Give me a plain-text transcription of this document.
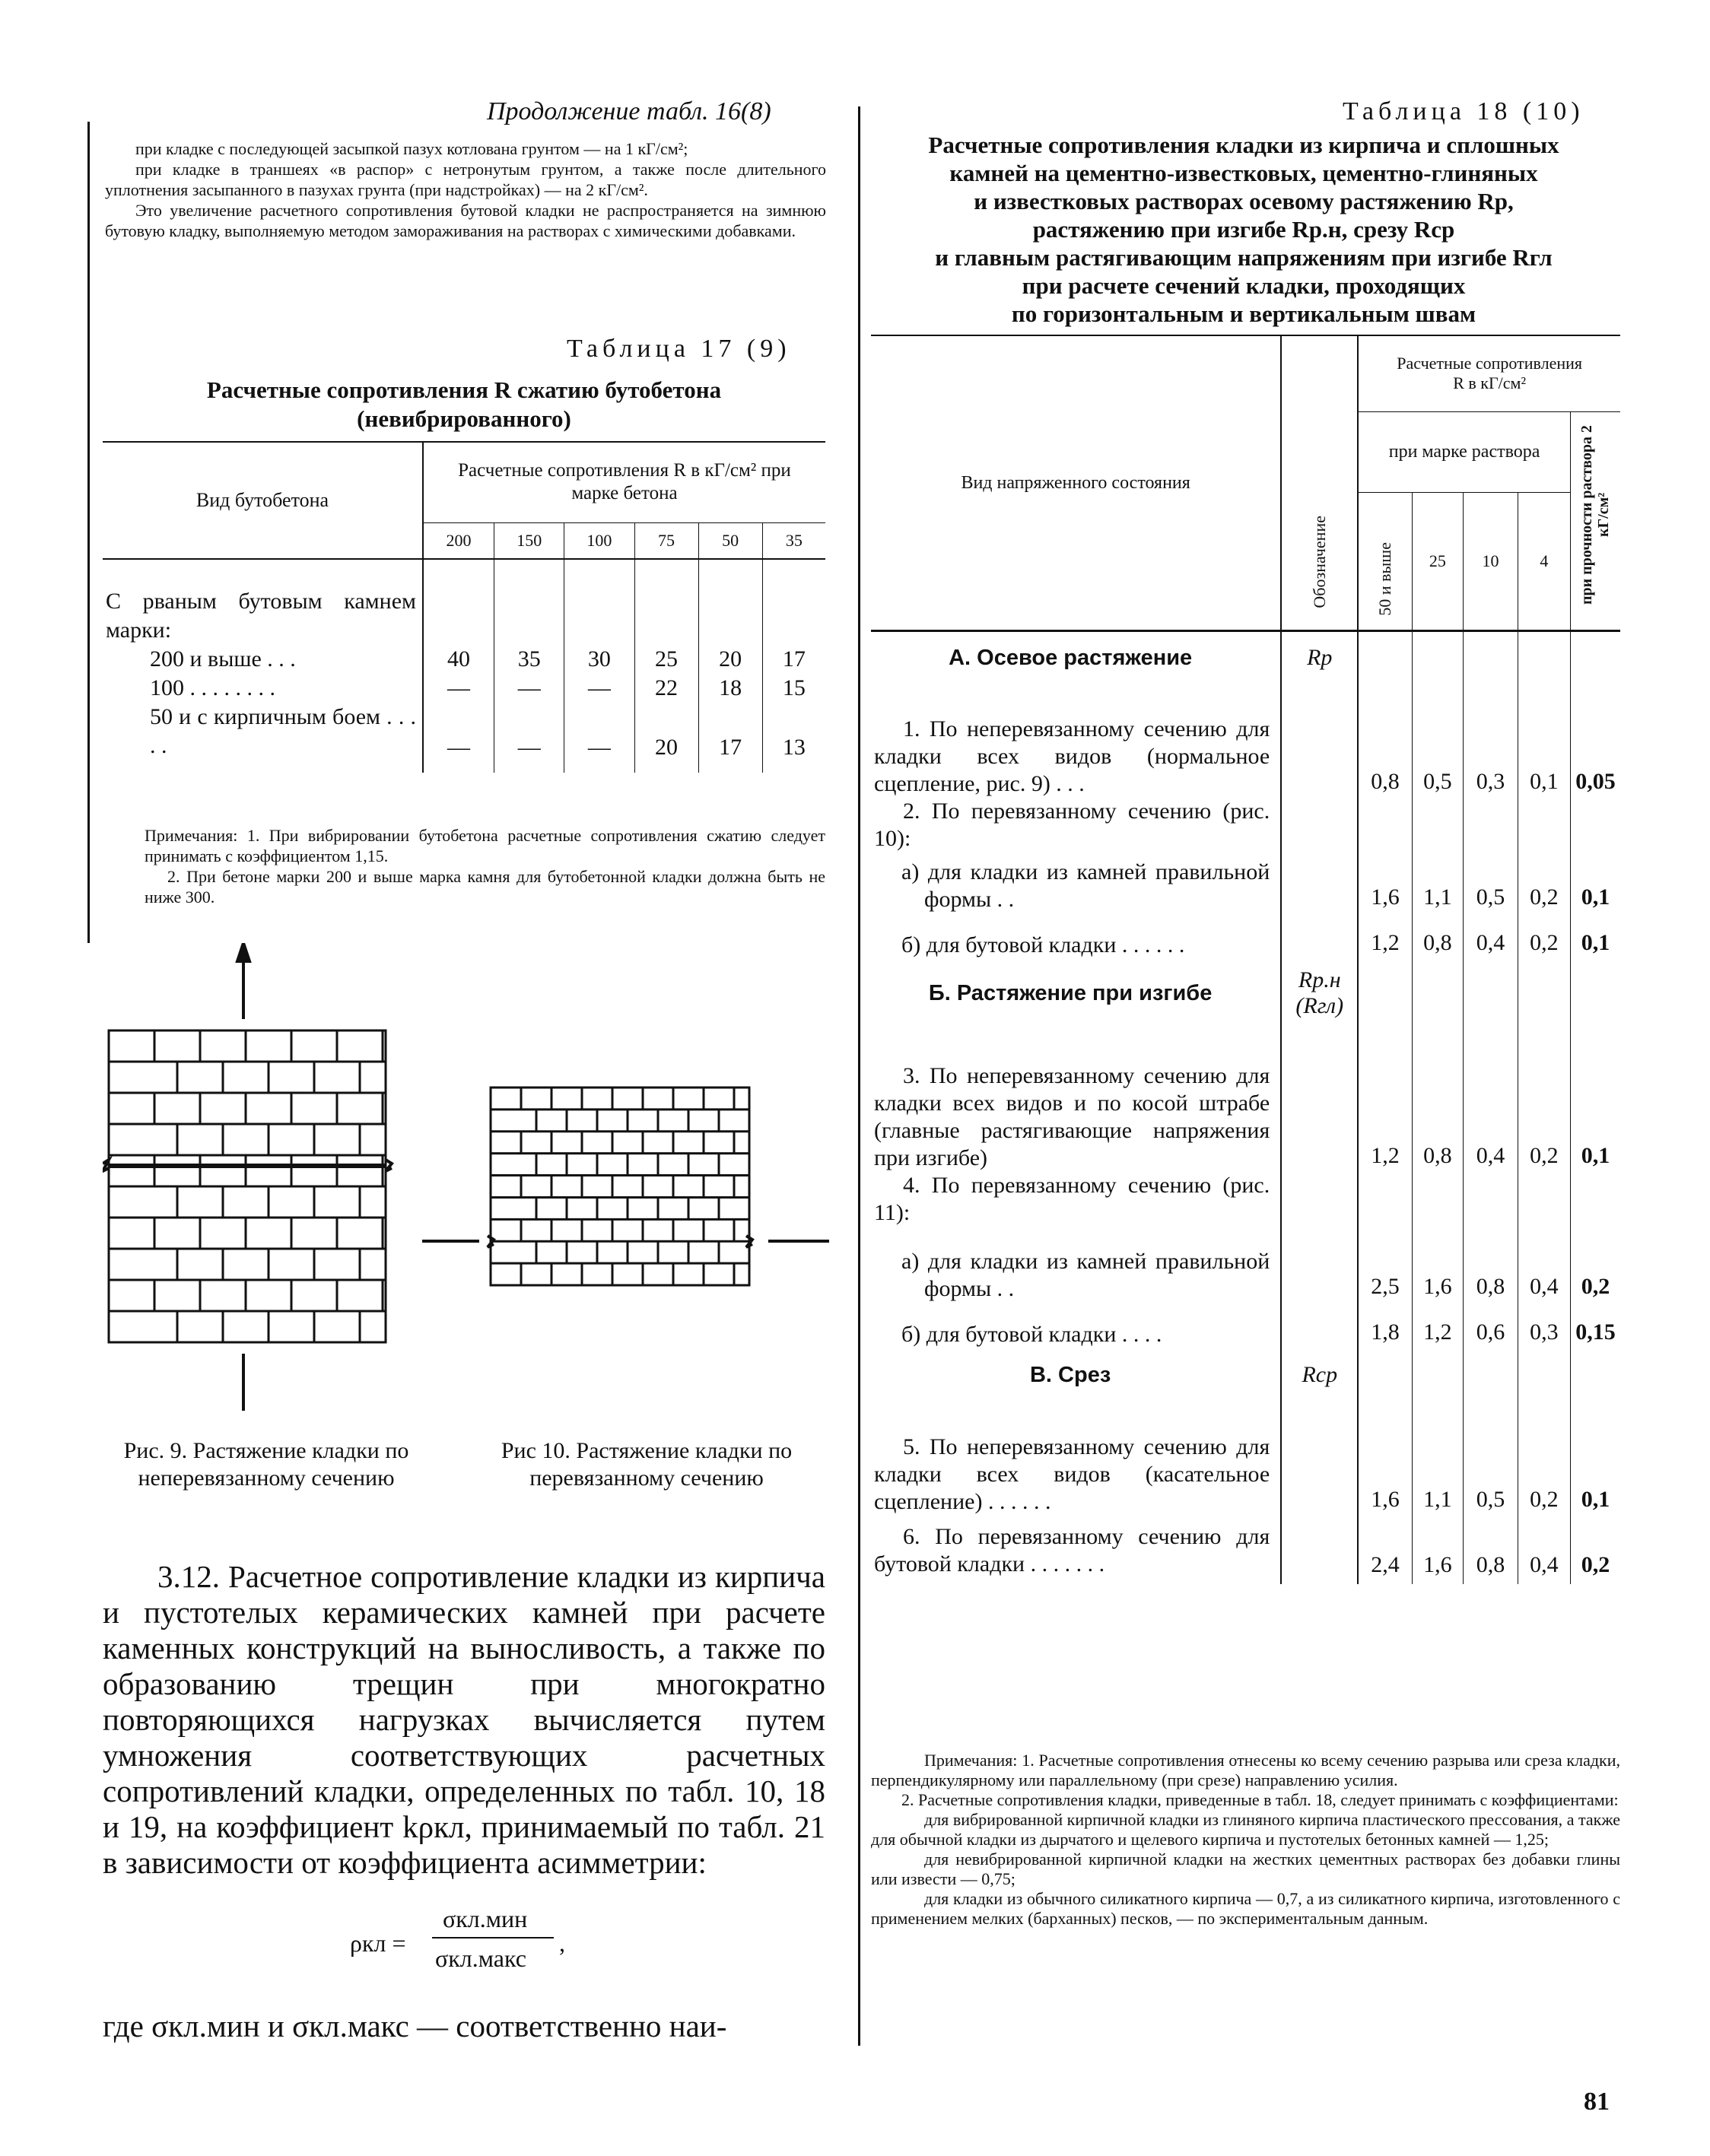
Продолжение табл. 16(8)
при кладке с последующей засыпкой пазух котлована грунтом — на 1 кГ/см²;
при кладке в траншеях «в распор» с нетронутым грунтом, а также после длительного уплотнения засыпанного в пазухах грунта (при надстройках) — на 2 кГ/см².
Это увеличение расчетного сопротивления бутовой кладки не распространяется на зимнюю бутовую кладку, выполняемую методом замораживания на растворах с химическими добавками.
Таблица 17 (9)
Расчетные сопротивления R сжатию бутобетона (невибрированного)
Вид бутобетона	Расчетные сопротивления R в кГ/см² при марке бетона					
	200	150	100	75	50	35
С рваным бутовым камнем марки:						
200 и выше . . .	40	35	30	25	20	17
100 . . . . . . . .	—	—	—	22	18	15
50 и с кирпичным боем . . . . .	—	—	—	20	17	13
Примечания: 1. При вибрировании бутобетона расчетные сопротивления сжатию следует принимать с коэффициентом 1,15.
2. При бетоне марки 200 и выше марка камня для бутобетонной кладки должна быть не ниже 300.
Рис. 9. Растяжение кладки по неперевязанному сечению
Рис 10. Растяжение кладки по перевязанному сечению
3.12. Расчетное сопротивление кладки из кирпича и пустотелых керамических камней при расчете каменных конструкций на выносливость, а также по образованию трещин при многократно повторяющихся нагрузках вычисляется путем умножения соответствующих расчетных сопротивлений кладки, определенных по табл. 10, 18 и 19, на коэффициент kρкл, принимаемый по табл. 21 в зависимости от коэффициента асимметрии:
ρкл =
σкл.мин
σкл.макс
,
где σкл.мин и σкл.макс — соответственно наи-
Таблица 18 (10)
Расчетные сопротивления кладки из кирпича и сплошных
камней на цементно-известковых, цементно-глиняных
и известковых растворах осевому растяжению Rр,
растяжению при изгибе Rр.н, срезу Rср
и главным растягивающим напряжениям при изгибе Rгл
при расчете сечений кладки, проходящих
по горизонтальным и вертикальным швам
Вид напряженного состояния	Обозначение	Расчетные сопротивления R в кГ/см²				
		при марке раствора				при прочности раствора 2 кГ/см²
		50 и выше	25	10	4	
А. Осевое растяжение	Rр					
1. По неперевязанному сечению для кладки всех видов (нормальное сцепление, рис. 9) . . .		0,8	0,5	0,3	0,1	0,05
2. По перевязанному сечению (рис. 10):						
а) для кладки из камней правильной формы . .		1,6	1,1	0,5	0,2	0,1
б) для бутовой кладки . . . . . .		1,2	0,8	0,4	0,2	0,1
Б. Растяжение при изгибе	Rр.н (Rгл)					
3. По неперевязанному сечению для кладки всех видов и по косой штрабе (главные растягивающие напряжения при изгибе)		1,2	0,8	0,4	0,2	0,1
4. По перевязанному сечению (рис. 11):						
а) для кладки из камней правильной формы . .		2,5	1,6	0,8	0,4	0,2
б) для бутовой кладки . . . .		1,8	1,2	0,6	0,3	0,15
В. Срез	Rср					
5. По неперевязанному сечению для кладки всех видов (касательное сцепление) . . . . . .		1,6	1,1	0,5	0,2	0,1
6. По перевязанному сечению для бутовой кладки . . . . . . .		2,4	1,6	0,8	0,4	0,2
Примечания: 1. Расчетные сопротивления отнесены ко всему сечению разрыва или среза кладки, перпендикулярному или параллельному (при срезе) направлению усилия.
2. Расчетные сопротивления кладки, приведенные в табл. 18, следует принимать с коэффициентами:
для вибрированной кирпичной кладки из глиняного кирпича пластического прессования, а также для обычной кладки из дырчатого и щелевого кирпича и пустотелых бетонных камней — 1,25;
для невибрированной кирпичной кладки на жестких цементных растворах без добавки глины или извести — 0,75;
для кладки из обычного силикатного кирпича — 0,7, а из силикатного кирпича, изготовленного с применением мелких (барханных) песков, — по экспериментальным данным.
81
